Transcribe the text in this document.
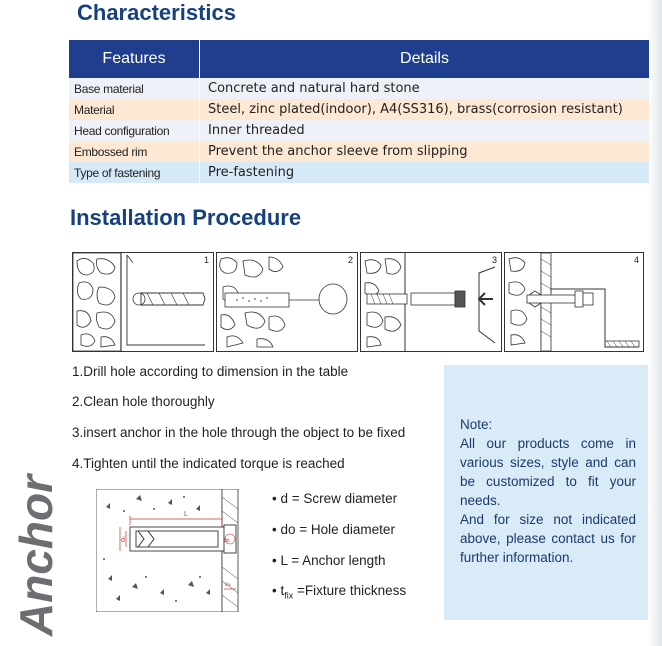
Characteristics
Features	Details
Base material	Concrete and natural hard stone
Material	Steel, zinc plated(indoor), A4(SS316), brass(corrosion resistant)
Head configuration	Inner threaded
Embossed rim	Prevent the anchor sleeve from slipping
Type of fastening	Pre-fastening
Installation Procedure
1	2	3	4
1.Drill hole according to dimension in the table
2.Clean hole thoroughly
3.insert anchor in the hole through the object to be fixed
4.Tighten until the indicated torque is reached

Note:
All our products come in various sizes, style and can be customized to fit your needs.
And for size not indicated above, please contact us for further information.

L
d	do
tfix
• d = Screw diameter
• do = Hole diameter
• L = Anchor length
• $t_{fix}$ =Fixture thickness
Anchor
